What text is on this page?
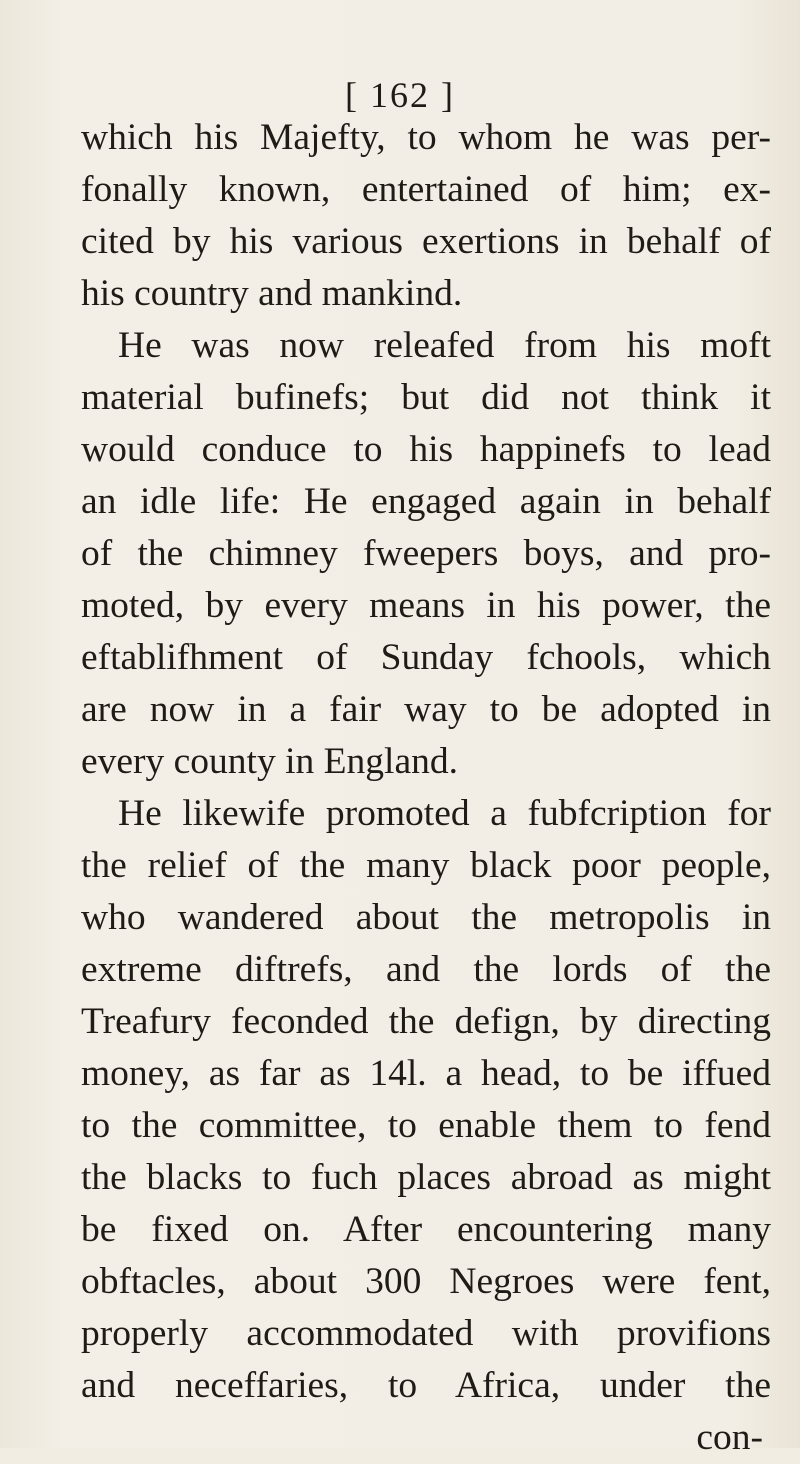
[ 162 ]
which his Majefty, to whom he was per-
fonally known, entertained of him; ex-
cited by his various exertions in behalf of
his country and mankind.
He was now releafed from his moft
material bufinefs; but did not think it
would conduce to his happinefs to lead
an idle life: He engaged again in behalf
of the chimney fweepers boys, and pro-
moted, by every means in his power, the
eftablifhment of Sunday fchools, which
are now in a fair way to be adopted in
every county in England.
He likewife promoted a fubfcription for
the relief of the many black poor people,
who wandered about the metropolis in
extreme diftrefs, and the lords of the
Treafury feconded the defign, by directing
money, as far as 14l. a head, to be iffued
to the committee, to enable them to fend
the blacks to fuch places abroad as might
be fixed on. After encountering many
obftacles, about 300 Negroes were fent,
properly accommodated with provifions
and neceffaries, to Africa, under the
con-
